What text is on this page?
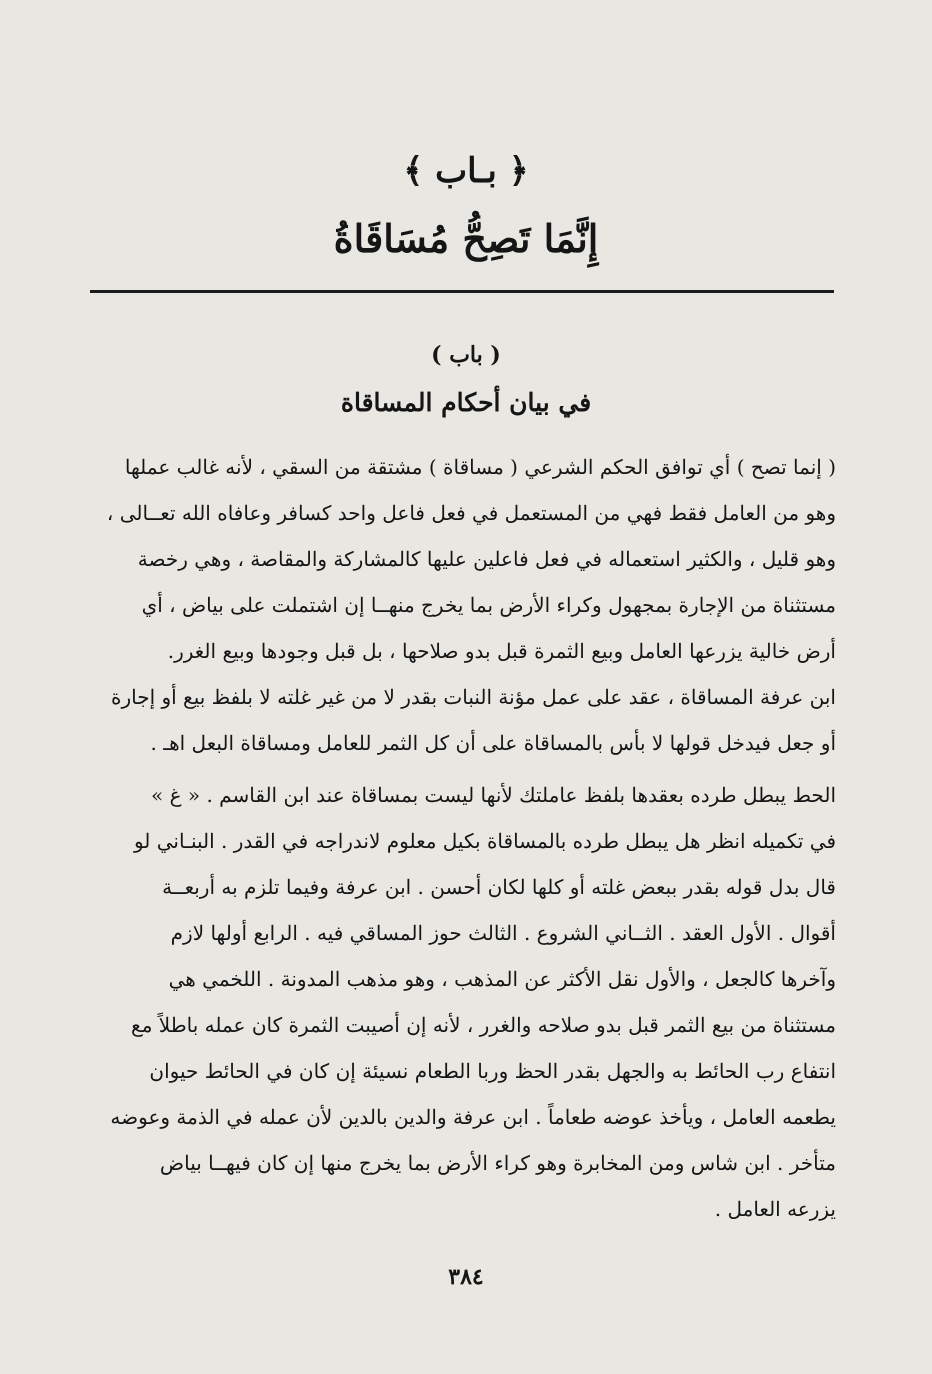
﴿ بـاب ﴾
إِنَّمَا تَصِحُّ مُسَاقَاةُ
( باب )
في بيان أحكام المساقاة
( إنما تصح ) أي توافق الحكم الشرعي ( مساقاة ) مشتقة من السقي ، لأنه غالب عملها
وهو من العامل فقط فهي من المستعمل في فعل فاعل واحد كسافر وعافاه الله تعــالى ،
وهو قليل ، والكثير استعماله في فعل فاعلين عليها كالمشاركة والمقاصة ، وهي رخصة
مستثناة من الإجارة بمجهول وكراء الأرض بما يخرج منهــا إن اشتملت على بياض ، أي
أرض خالية يزرعها العامل وبيع الثمرة قبل بدو صلاحها ، بل قبل وجودها وبيع الغرر.
ابن عرفة المساقاة ، عقد على عمل مؤنة النبات بقدر لا من غير غلته لا بلفظ بيع أو إجارة
أو جعل فيدخل قولها لا بأس بالمساقاة على أن كل الثمر للعامل ومساقاة البعل اهـ .
الحط يبطل طرده بعقدها بلفظ عاملتك لأنها ليست بمساقاة عند ابن القاسم . « غ »
في تكميله انظر هل يبطل طرده بالمساقاة بكيل معلوم لاندراجه في القدر . البنـاني لو
قال بدل قوله بقدر ببعض غلته أو كلها لكان أحسن . ابن عرفة وفيما تلزم به أربعــة
أقوال . الأول العقد . الثــاني الشروع . الثالث حوز المساقي فيه . الرابع أولها لازم
وآخرها كالجعل ، والأول نقل الأكثر عن المذهب ، وهو مذهب المدونة . اللخمي هي
مستثناة من بيع الثمر قبل بدو صلاحه والغرر ، لأنه إن أصيبت الثمرة كان عمله باطلاً مع
انتفاع رب الحائط به والجهل بقدر الحظ وربا الطعام نسيئة إن كان في الحائط حيوان
يطعمه العامل ، ويأخذ عوضه طعاماً . ابن عرفة والدين بالدين لأن عمله في الذمة وعوضه
متأخر . ابن شاس ومن المخابرة وهو كراء الأرض بما يخرج منها إن كان فيهــا بياض
يزرعه العامل .
٣٨٤
